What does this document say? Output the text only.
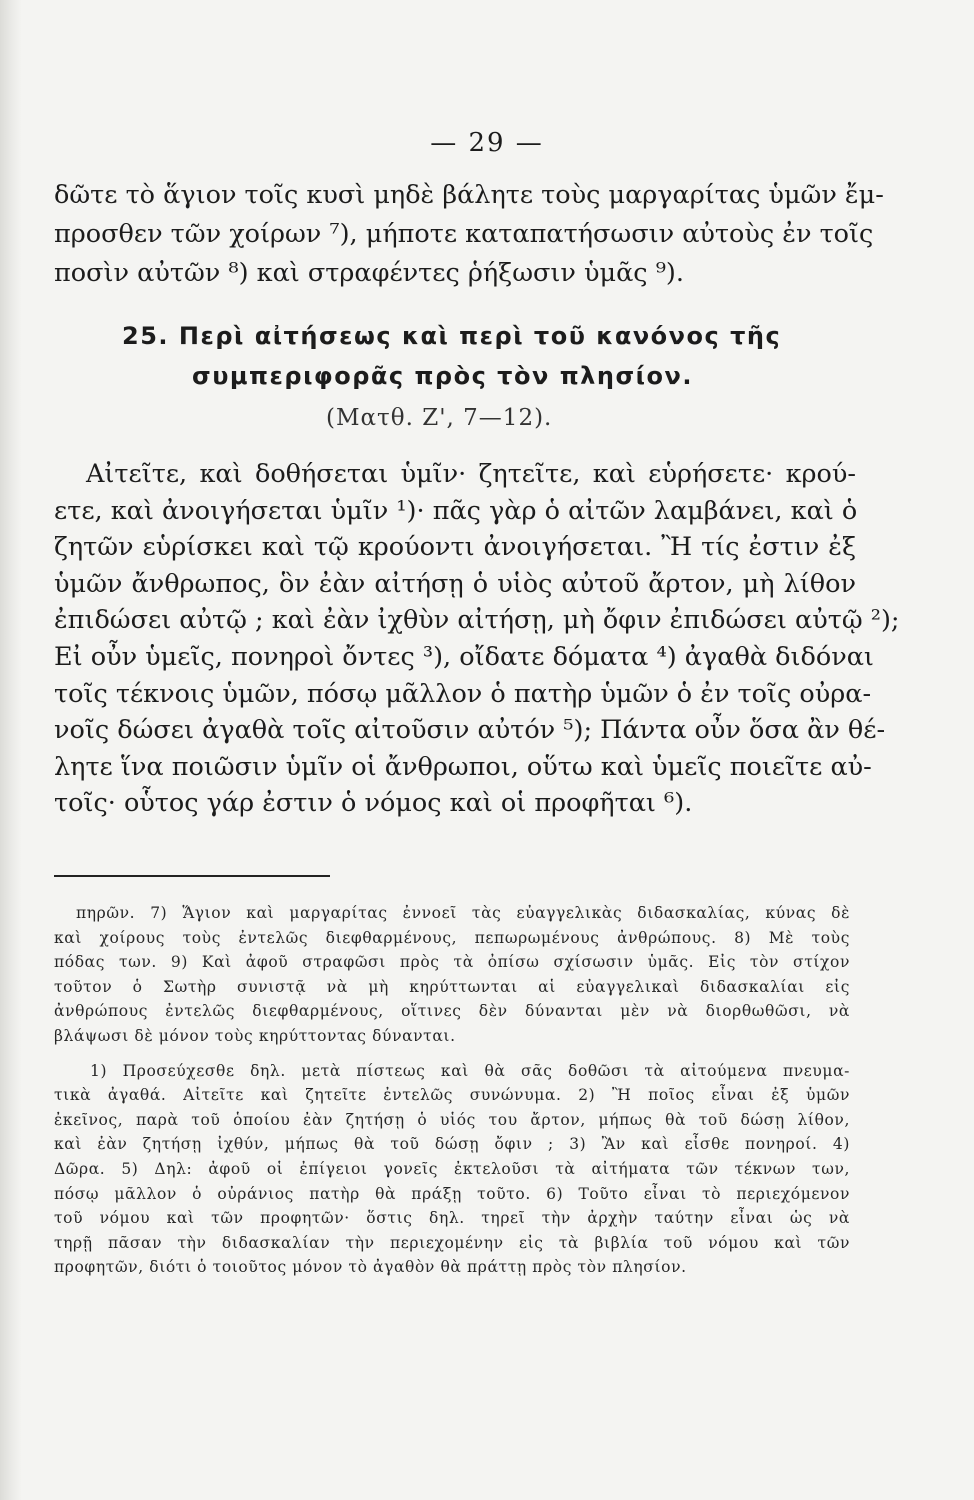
— 29 —
δῶτε τὸ ἅγιον τοῖς κυσὶ μηδὲ βάλητε τοὺς μαργαρίτας ὑμῶν ἔμ-
προσθεν τῶν χοίρων ⁷), μήποτε καταπατήσωσιν αὐτοὺς ἐν τοῖς
ποσὶν αὐτῶν ⁸) καὶ στραφέντες ῥήξωσιν ὑμᾶς ⁹).
25. Περὶ αἰτήσεως καὶ περὶ τοῦ κανόνος τῆς
συμπεριφορᾶς πρὸς τὸν πλησίον.
(Ματθ. Ζ', 7—12).
Αἰτεῖτε, καὶ δοθήσεται ὑμῖν· ζητεῖτε, καὶ εὑρήσετε· κρού-
ετε, καὶ ἀνοιγήσεται ὑμῖν ¹)· πᾶς γὰρ ὁ αἰτῶν λαμβάνει, καὶ ὁ
ζητῶν εὑρίσκει καὶ τῷ κρούοντι ἀνοιγήσεται. Ἢ τίς ἐστιν ἐξ
ὑμῶν ἄνθρωπος, ὃν ἐὰν αἰτήσῃ ὁ υἱὸς αὐτοῦ ἄρτον, μὴ λίθον
ἐπιδώσει αὐτῷ ; καὶ ἐὰν ἰχθὺν αἰτήσῃ, μὴ ὄφιν ἐπιδώσει αὐτῷ ²);
Εἰ οὖν ὑμεῖς, πονηροὶ ὄντες ³), οἴδατε δόματα ⁴) ἀγαθὰ διδόναι
τοῖς τέκνοις ὑμῶν, πόσῳ μᾶλλον ὁ πατὴρ ὑμῶν ὁ ἐν τοῖς οὐρα-
νοῖς δώσει ἀγαθὰ τοῖς αἰτοῦσιν αὐτόν ⁵); Πάντα οὖν ὅσα ἂν θέ-
λητε ἵνα ποιῶσιν ὑμῖν οἱ ἄνθρωποι, οὕτω καὶ ὑμεῖς ποιεῖτε αὐ-
τοῖς· οὗτος γάρ ἐστιν ὁ νόμος καὶ οἱ προφῆται ⁶).
πηρῶν. 7) Ἅγιον καὶ μαργαρίτας ἐννοεῖ τὰς εὐαγγελικὰς διδασκαλίας, κύνας δὲ
καὶ χοίρους τοὺς ἐντελῶς διεφθαρμένους, πεπωρωμένους ἀνθρώπους. 8) Μὲ τοὺς
πόδας των. 9) Καὶ ἀφοῦ στραφῶσι πρὸς τὰ ὀπίσω σχίσωσιν ὑμᾶς. Εἰς τὸν στίχον
τοῦτον ὁ Σωτὴρ συνιστᾷ νὰ μὴ κηρύττωνται αἱ εὐαγγελικαὶ διδασκαλίαι εἰς
ἀνθρώπους ἐντελῶς διεφθαρμένους, οἵτινες δὲν δύνανται μὲν νὰ διορθωθῶσι, νὰ
βλάψωσι δὲ μόνον τοὺς κηρύττοντας δύνανται.
1) Προσεύχεσθε δηλ. μετὰ πίστεως καὶ θὰ σᾶς δοθῶσι τὰ αἰτούμενα πνευμα-
τικὰ ἀγαθά. Αἰτεῖτε καὶ ζητεῖτε ἐντελῶς συνώνυμα. 2) Ἢ ποῖος εἶναι ἐξ ὑμῶν
ἐκεῖνος, παρὰ τοῦ ὁποίου ἐὰν ζητήσῃ ὁ υἱός του ἄρτον, μήπως θὰ τοῦ δώσῃ λίθον,
καὶ ἐὰν ζητήσῃ ἰχθύν, μήπως θὰ τοῦ δώσῃ ὄφιν ; 3) Ἂν καὶ εἶσθε πονηροί. 4)
Δῶρα. 5) Δηλ: ἀφοῦ οἱ ἐπίγειοι γονεῖς ἐκτελοῦσι τὰ αἰτήματα τῶν τέκνων των,
πόσῳ μᾶλλον ὁ οὐράνιος πατὴρ θὰ πράξῃ τοῦτο. 6) Τοῦτο εἶναι τὸ περιεχόμενον
τοῦ νόμου καὶ τῶν προφητῶν· ὅστις δηλ. τηρεῖ τὴν ἀρχὴν ταύτην εἶναι ὡς νὰ
τηρῇ πᾶσαν τὴν διδασκαλίαν τὴν περιεχομένην εἰς τὰ βιβλία τοῦ νόμου καὶ τῶν
προφητῶν, διότι ὁ τοιοῦτος μόνον τὸ ἀγαθὸν θὰ πράττῃ πρὸς τὸν πλησίον.
